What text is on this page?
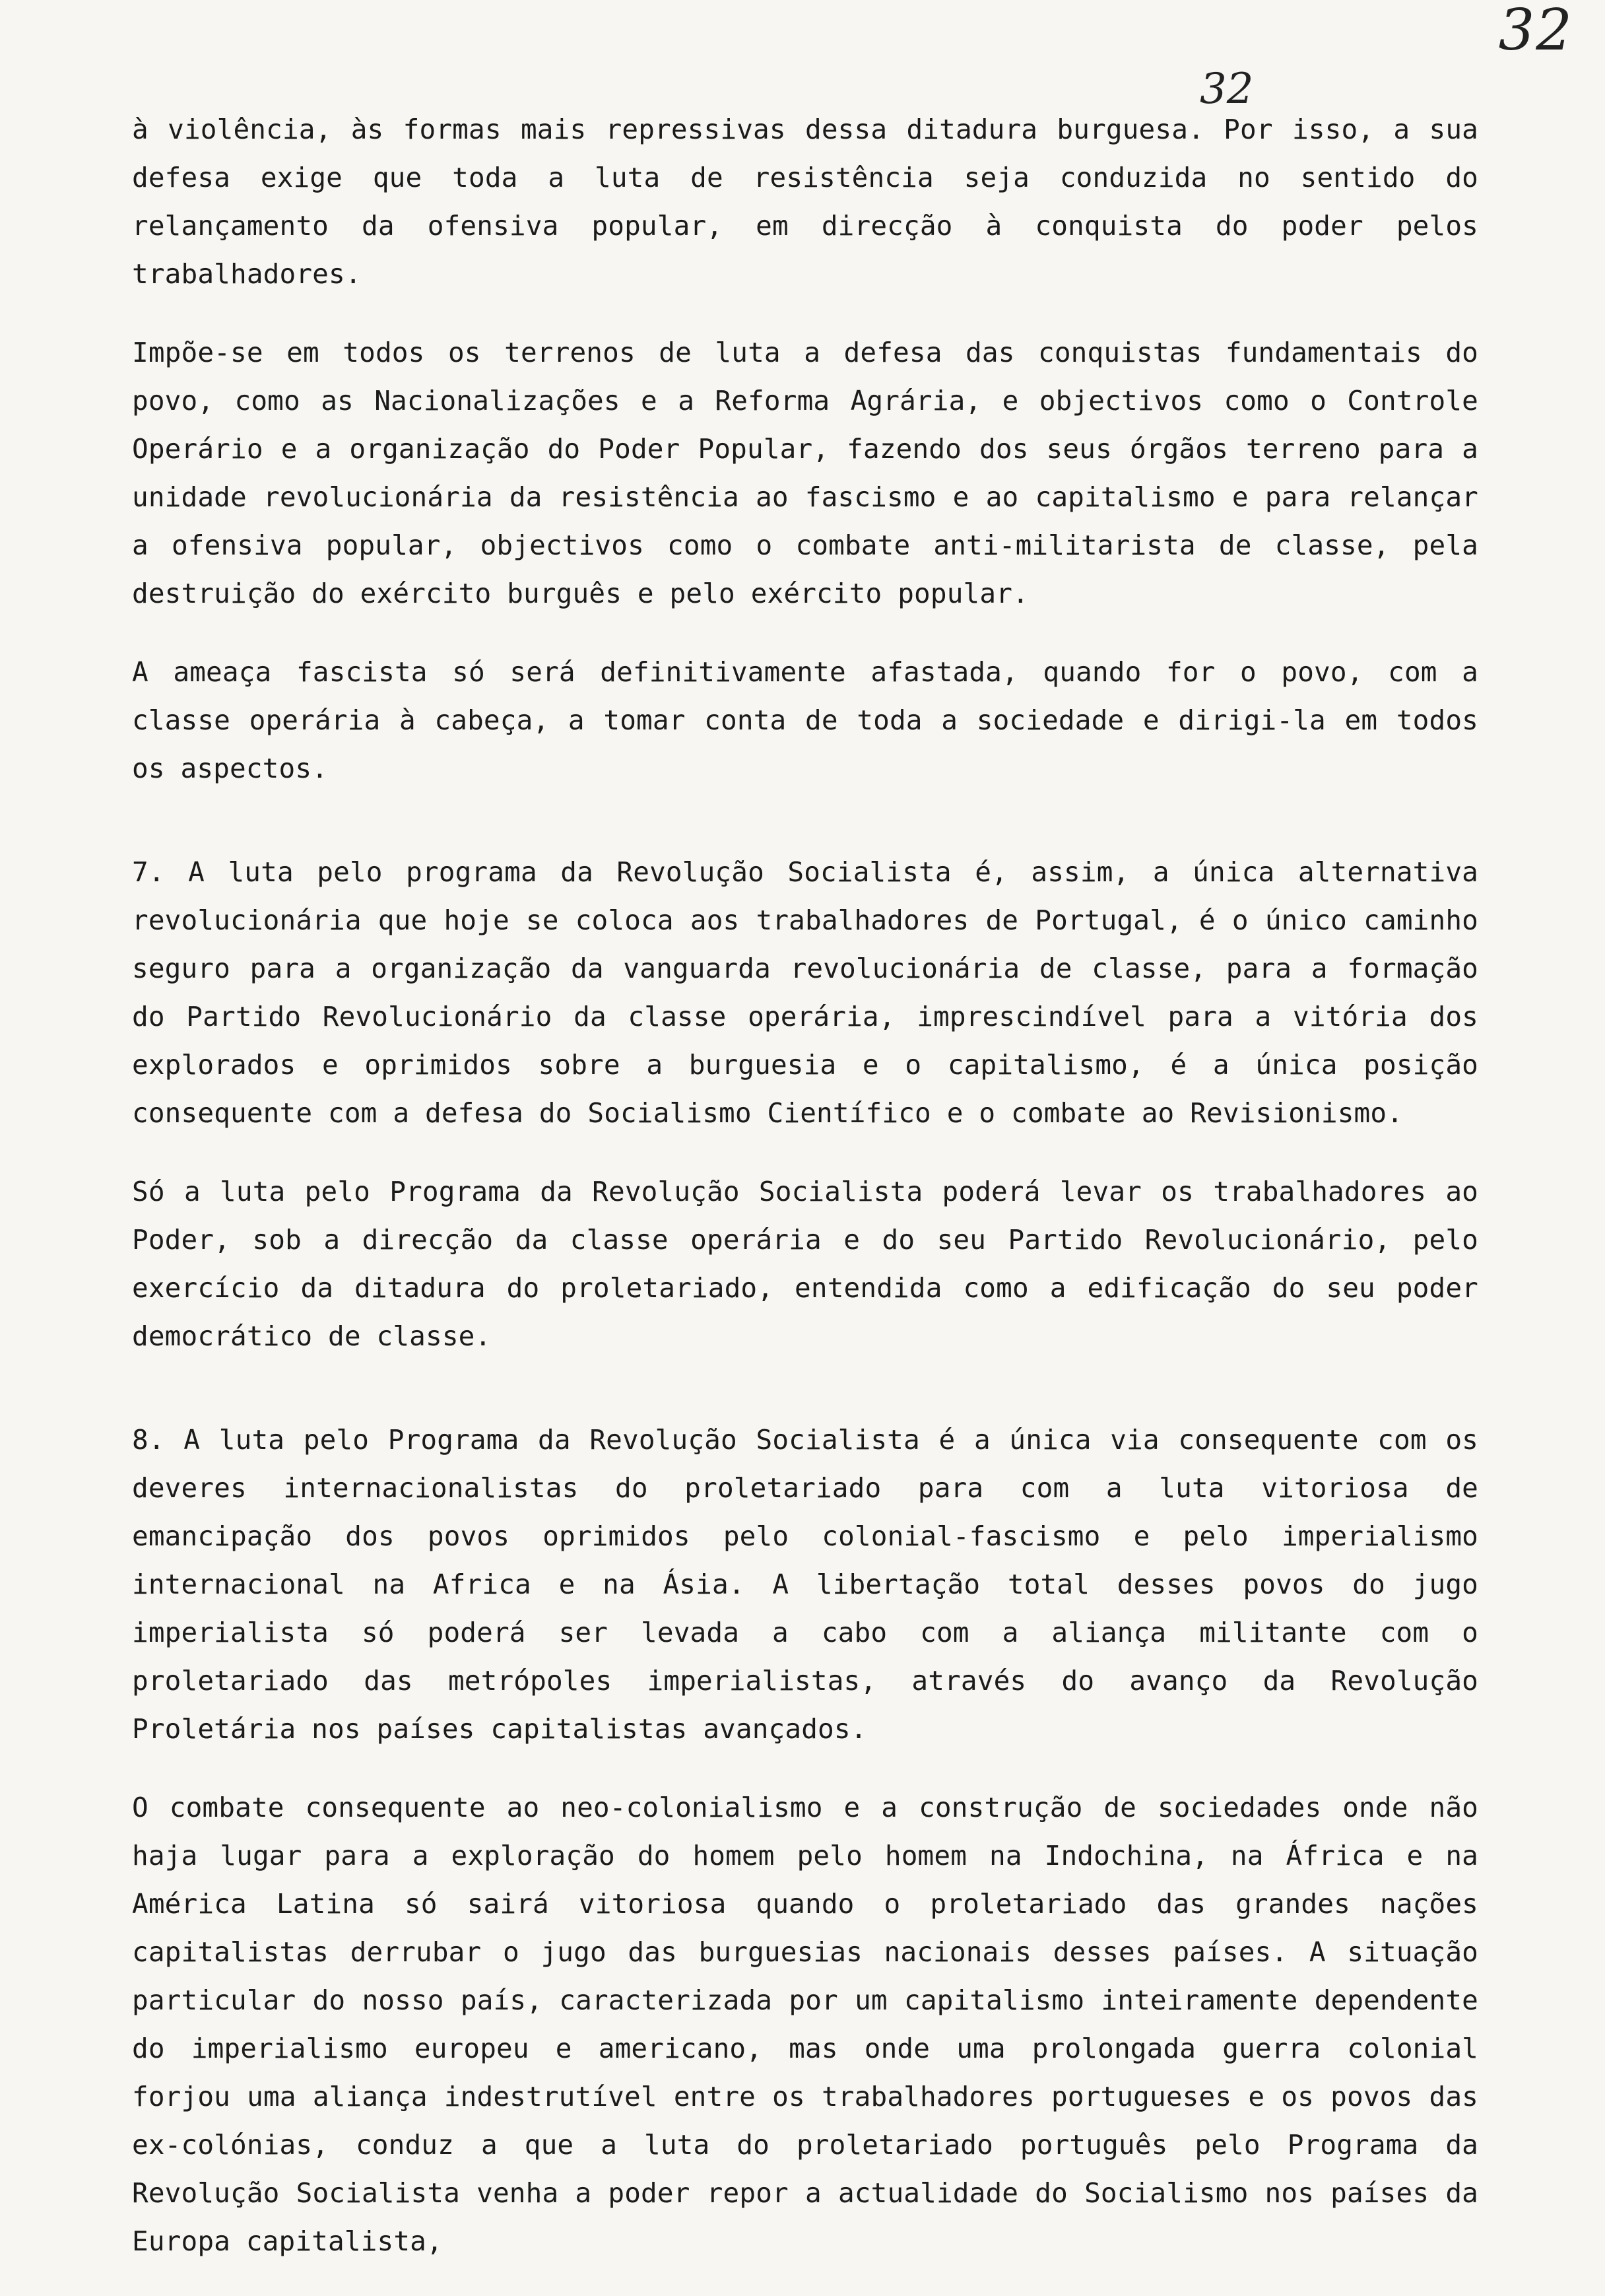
32
32

à violência, às formas mais repressivas dessa ditadura burguesa. Por isso, a sua defesa exige que toda a luta de resistência seja conduzida no sentido do relançamento da ofensiva popular, em direcção à conquista do poder pelos trabalhadores.

Impõe-se em todos os terrenos de luta a defesa das conquistas fundamentais do povo, como as Nacionalizações e a Reforma Agrária, e objectivos como o Controle Operário e a organização do Poder Popular, fazendo dos seus órgãos terreno para a unidade revolucionária da resistência ao fascismo e ao capitalismo e para relançar a ofensiva popular, objectivos como o combate anti-militarista de classe, pela destruição do exército burguês e pelo exército popular.

A ameaça fascista só será definitivamente afastada, quando for o povo, com a classe operária à cabeça, a tomar conta de toda a sociedade e dirigi-la em todos os aspectos.

7. A luta pelo programa da Revolução Socialista é, assim, a única alternativa revolucionária que hoje se coloca aos trabalhadores de Portugal, é o único caminho seguro para a organização da vanguarda revolucionária de classe, para a formação do Partido Revolucionário da classe operária, imprescindível para a vitória dos explorados e oprimidos sobre a burguesia e o capitalismo, é a única posição consequente com a defesa do Socialismo Científico e o combate ao Revisionismo.

Só a luta pelo Programa da Revolução Socialista poderá levar os trabalhadores ao Poder, sob a direcção da classe operária e do seu Partido Revolucionário, pelo exercício da ditadura do proletariado, entendida como a edificação do seu poder democrático de classe.

8. A luta pelo Programa da Revolução Socialista é a única via consequente com os deveres internacionalistas do proletariado para com a luta vitoriosa de emancipação dos povos oprimidos pelo colonial-fascismo e pelo imperialismo internacional na Africa e na Ásia. A libertação total desses povos do jugo imperialista só poderá ser levada a cabo com a aliança militante com o proletariado das metrópoles imperialistas, através do avanço da Revolução Proletária nos países capitalistas avançados.

O combate consequente ao neo-colonialismo e a construção de sociedades onde não haja lugar para a exploração do homem pelo homem na Indochina, na África e na América Latina só sairá vitoriosa quando o proletariado das grandes nações capitalistas derrubar o jugo das burguesias nacionais desses países. A situação particular do nosso país, caracterizada por um capitalismo inteiramente dependente do imperialismo europeu e americano, mas onde uma prolongada guerra colonial forjou uma aliança indestrutível entre os trabalhadores portugueses e os povos das ex-colónias, conduz a que a luta do proletariado português pelo Programa da Revolução Socialista venha a poder repor a actualidade do Socialismo nos países da Europa capitalista,
